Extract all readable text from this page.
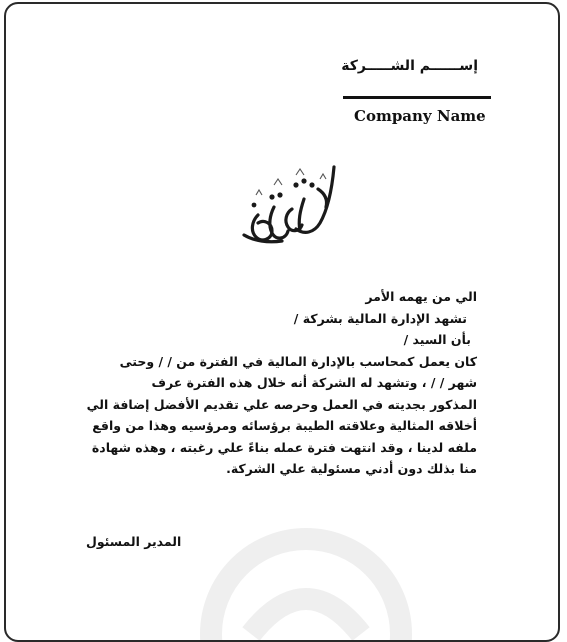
إســــــم الشـــــركة
Company Name
الي من يهمه الأمر
تشهد الإدارة المالية بشركة /
بأن السيد /
كان يعمل كمحاسب بالإدارة المالية في الفترة من / / وحتى
شهر / / ، وتشهد له الشركة أنه خلال هذه الفترة عرف
المذكور بجديته في العمل وحرصه علي تقديم الأفضل إضافة الي
أخلاقه المثالية وعلاقته الطيبة برؤسائه ومرؤسيه وهذا من واقع
ملفه لدينا ، وقد انتهت فترة عمله بناءً علي رغبته ، وهذه شهادة
منا بذلك دون أدني مسئولية علي الشركة.
المدير المسئول
